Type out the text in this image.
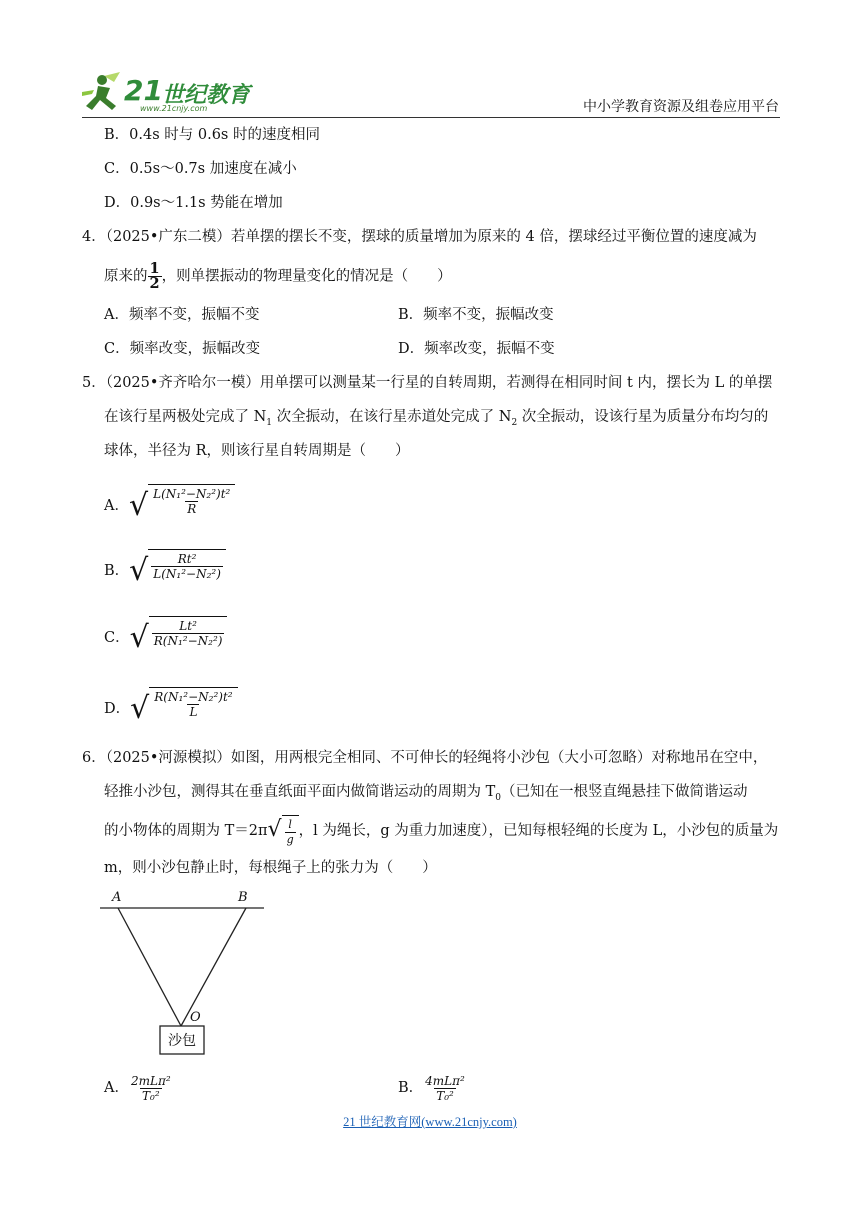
21 世纪教育
www.21cnjy.com	中小学教育资源及组卷应用平台
B．0.4s 时与 0.6s 时的速度相同
C．0.5s～0.7s 加速度在减小
D．0.9s～1.1s 势能在增加
4．（2025•广东二模）若单摆的摆长不变，摆球的质量增加为原来的 4 倍，摆球经过平衡位置的速度减为
原来的 $\frac{1}{2}$ ，则单摆振动的物理量变化的情况是（　　）
A．频率不变，振幅不变	B．频率不变，振幅改变
C．频率改变，振幅改变	D．频率改变，振幅不变
5．（2025•齐齐哈尔一模）用单摆可以测量某一行星的自转周期，若测得在相同时间 t 内，摆长为 L 的单摆
在该行星两极处完成了 $N_1$ 次全振动，在该行星赤道处完成了 $N_2$ 次全振动，设该行星为质量分布均匀的
球体，半径为 R，则该行星自转周期是（　　）
A． √ $\frac{\text{L(N₁²−N₂²)t²}}{R}$
B． √ $\frac{\text{Rt²}}{\text{L(N₁²−N₂²)}}$
C． √ $\frac{\text{Lt²}}{\text{R(N₁²−N₂²)}}$
D． √ $\frac{\text{R(N₁²−N₂²)t²}}{L}$
6．（2025•河源模拟）如图，用两根完全相同、不可伸长的轻绳将小沙包（大小可忽略）对称地吊在空中，
轻推小沙包，测得其在垂直纸面平面内做简谐运动的周期为 $T_0$（已知在一根竖直绳悬挂下做简谐运动
的小物体的周期为 T＝2π √ $\frac{l}{g}$ ，l 为绳长，g 为重力加速度），已知每根轻绳的长度为 L，小沙包的质量为
m，则小沙包静止时，每根绳子上的张力为（　　）
A	B
O
沙包
A． $\frac{\text{2mLπ²}}{\text{T₀²}}$	B． $\frac{\text{4mLπ²}}{\text{T₀²}}$
21 世纪教育网(www.21cnjy.com)
